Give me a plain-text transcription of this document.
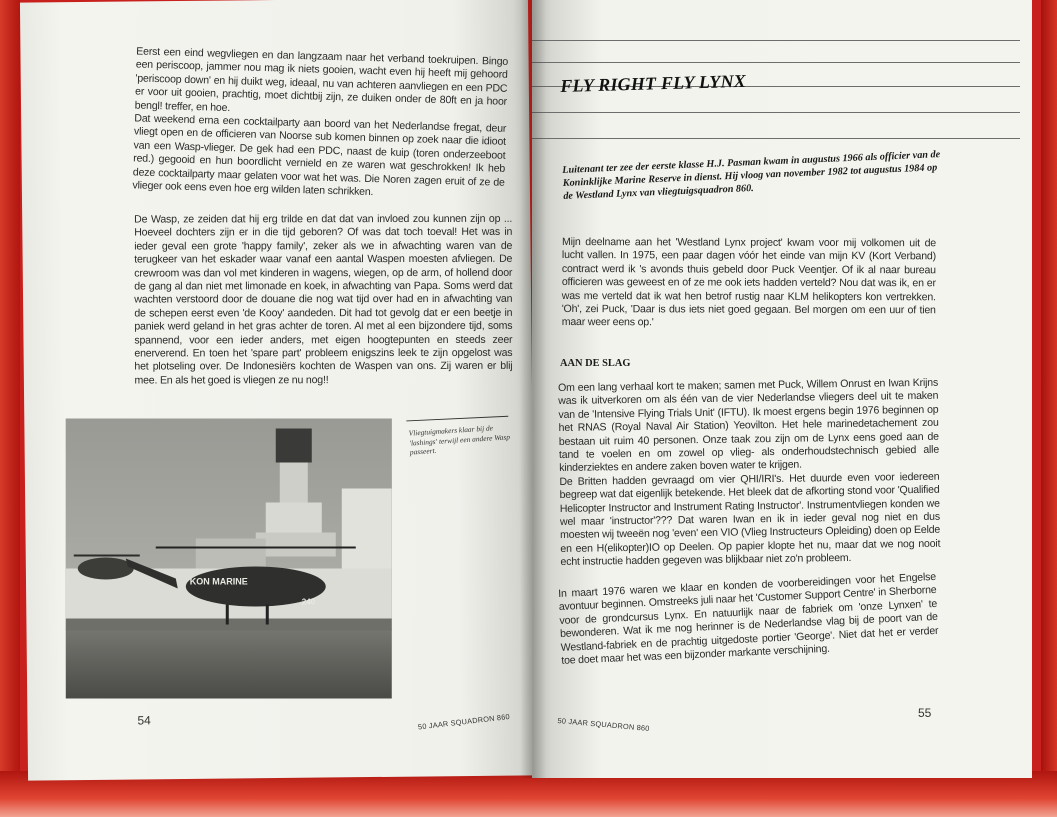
Eerst een eind wegvliegen en dan langzaam naar het verband toekruipen. Bingo een periscoop, jammer nou mag ik niets gooien, wacht even hij heeft mij gehoord 'periscoop down' en hij duikt weg, ideaal, nu van achteren aanvliegen en een PDC er voor uit gooien, prachtig, moet dichtbij zijn, ze duiken onder de 80ft en ja hoor bengl! treffer, en hoe.

Dat weekend erna een cocktailparty aan boord van het Nederlandse fregat, deur vliegt open en de officieren van Noorse sub komen binnen op zoek naar die idioot van een Wasp-vlieger. De gek had een PDC, naast de kuip (toren onderzeeboot red.) gegooid en hun boordlicht vernield en ze waren wat geschrokken! Ik heb deze cocktailparty maar gelaten voor wat het was. Die Noren zagen eruit of ze de vlieger ook eens even hoe erg wilden laten schrikken.

De Wasp, ze zeiden dat hij erg trilde en dat dat van invloed zou kunnen zijn op ... Hoeveel dochters zijn er in die tijd geboren? Of was dat toch toeval! Het was in ieder geval een grote 'happy family', zeker als we in afwachting waren van de terugkeer van het eskader waar vanaf een aantal Waspen moesten afvliegen. De crewroom was dan vol met kinderen in wagens, wiegen, op de arm, of hollend door de gang al dan niet met limonade en koek, in afwachting van Papa. Soms werd dat wachten verstoord door de douane die nog wat tijd over had en in afwachting van de schepen eerst even 'de Kooy' aandeden. Dit had tot gevolg dat er een beetje in paniek werd geland in het gras achter de toren. Al met al een bijzondere tijd, soms spannend, voor een ieder anders, met eigen hoogtepunten en steeds zeer enerverend. En toen het 'spare part' probleem enigszins leek te zijn opgelost was het plotseling over. De Indonesiërs kochten de Waspen van ons. Zij waren er blij mee. En als het goed is vliegen ze nu nog!!

KON MARINE
240
Vliegtuigmakers klaar bij de 'lashings' terwijl een andere Wasp passeert.
54	50 JAAR SQUADRON 860
FLY RIGHT FLY LYNX
Luitenant ter zee der eerste klasse H.J. Pasman kwam in augustus 1966 als officier van de Koninklijke Marine Reserve in dienst. Hij vloog van november 1982 tot augustus 1984 op de Westland Lynx van vliegtuigsquadron 860.

Mijn deelname aan het 'Westland Lynx project' kwam voor mij volkomen uit de lucht vallen. In 1975, een paar dagen vóór het einde van mijn KV (Kort Verband) contract werd ik 's avonds thuis gebeld door Puck Veentjer. Of ik al naar bureau officieren was geweest en of ze me ook iets hadden verteld? Nou dat was ik, en er was me verteld dat ik wat hen betrof rustig naar KLM helikopters kon vertrekken. 'Oh', zei Puck, 'Daar is dus iets niet goed gegaan. Bel morgen om een uur of tien maar weer eens op.'

AAN DE SLAG

Om een lang verhaal kort te maken; samen met Puck, Willem Onrust en Iwan Krijns was ik uitverkoren om als één van de vier Nederlandse vliegers deel uit te maken van de 'Intensive Flying Trials Unit' (IFTU). Ik moest ergens begin 1976 beginnen op het RNAS (Royal Naval Air Station) Yeovilton. Het hele marinedetachement zou bestaan uit ruim 40 personen. Onze taak zou zijn om de Lynx eens goed aan de tand te voelen en om zowel op vlieg- als onderhoudstechnisch gebied alle kinderziektes en andere zaken boven water te krijgen.

De Britten hadden gevraagd om vier QHI/IRI's. Het duurde even voor iedereen begreep wat dat eigenlijk betekende. Het bleek dat de afkorting stond voor 'Qualified Helicopter Instructor and Instrument Rating Instructor'. Instrumentvliegen konden we wel maar 'instructor'??? Dat waren Iwan en ik in ieder geval nog niet en dus moesten wij tweeën nog 'even' een VIO (Vlieg Instructeurs Opleiding) doen op Eelde en een H(elikopter)IO op Deelen. Op papier klopte het nu, maar dat we nog nooit echt instructie hadden gegeven was blijkbaar niet zo'n probleem.

In maart 1976 waren we klaar en konden de voorbereidingen voor het Engelse avontuur beginnen. Omstreeks juli naar het 'Customer Support Centre' in Sherborne voor de grondcursus Lynx. En natuurlijk naar de fabriek om 'onze Lynxen' te bewonderen. Wat ik me nog herinner is de Nederlandse vlag bij de poort van de Westland-fabriek en de prachtig uitgedoste portier 'George'. Niet dat het er verder toe doet maar het was een bijzonder markante verschijning.

50 JAAR SQUADRON 860
55
